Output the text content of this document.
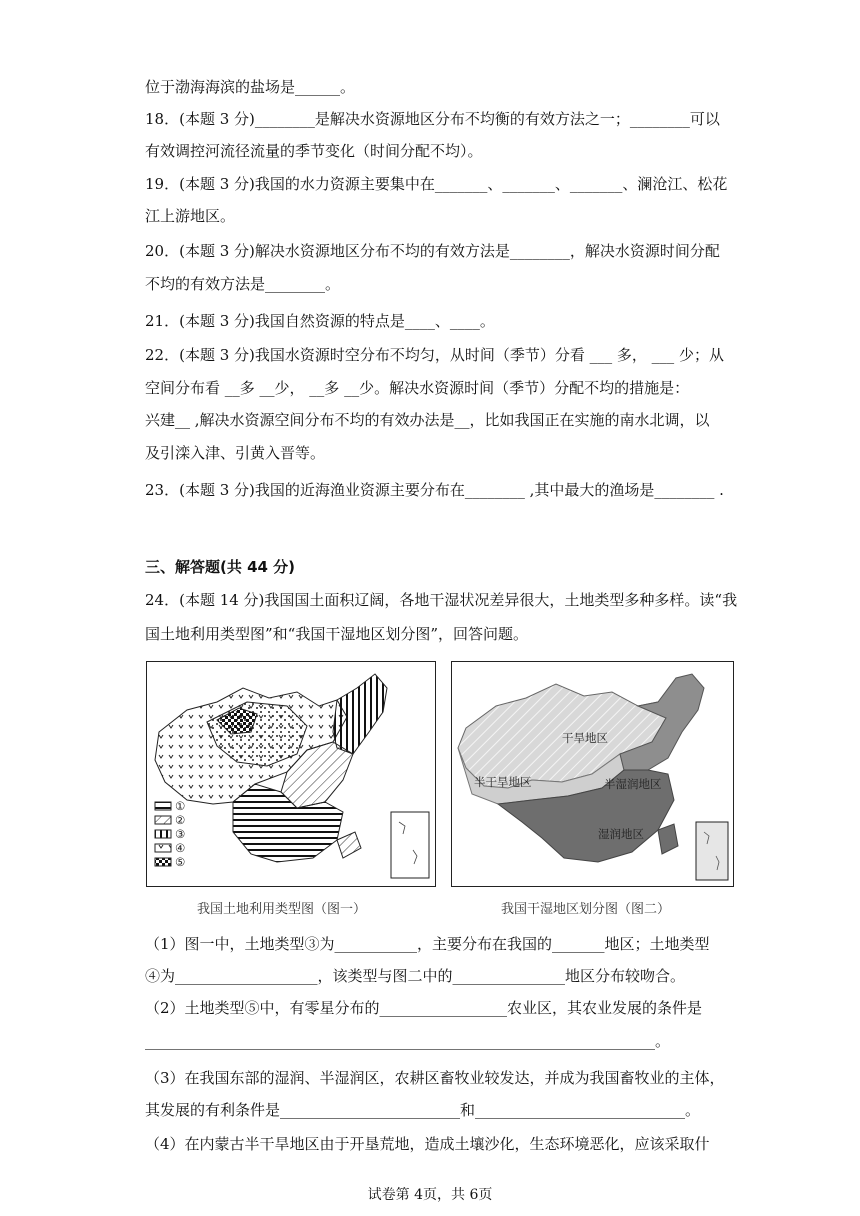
位于渤海海滨的盐场是______。
18．(本题 3 分)________是解决水资源地区分布不均衡的有效方法之一；________可以
有效调控河流径流量的季节变化（时间分配不均）。
19．(本题 3 分)我国的水力资源主要集中在_______、_______、_______、澜沧江、松花
江上游地区。
20．(本题 3 分)解决水资源地区分布不均的有效方法是________，解决水资源时间分配
不均的有效方法是________。
21．(本题 3 分)我国自然资源的特点是____、____。
22．(本题 3 分)我国水资源时空分布不均匀，从时间（季节）分看 ___ 多， ___ 少；从
空间分布看 __多 __少， __多 __少。解决水资源时间（季节）分配不均的措施是：
兴建__ ,解决水资源空间分布不均的有效办法是__，比如我国正在实施的南水北调，以
及引滦入津、引黄入晋等。
23．(本题 3 分)我国的近海渔业资源主要分布在________ ,其中最大的渔场是________ .
三、解答题(共 44 分)
24．(本题 14 分)我国国土面积辽阔，各地干湿状况差异很大，土地类型多种多样。读“我
国土地利用类型图”和“我国干湿地区划分图”，回答问题。
①
②
③
④
⑤
我国土地利用类型图（图一）
干旱地区
半干旱地区	半湿润地区
湿润地区
我国干湿地区划分图（图二）
（1）图一中，土地类型③为___________，主要分布在我国的_______地区；土地类型
④为___________________，该类型与图二中的_______________地区分布较吻合。
（2）土地类型⑤中，有零星分布的_________________农业区，其农业发展的条件是
____________________________________________________________________。
（3）在我国东部的湿润、半湿润区，农耕区畜牧业较发达，并成为我国畜牧业的主体，
其发展的有利条件是________________________和____________________________。
（4）在内蒙古半干旱地区由于开垦荒地，造成土壤沙化，生态环境恶化，应该采取什
试卷第 4页，共 6页
